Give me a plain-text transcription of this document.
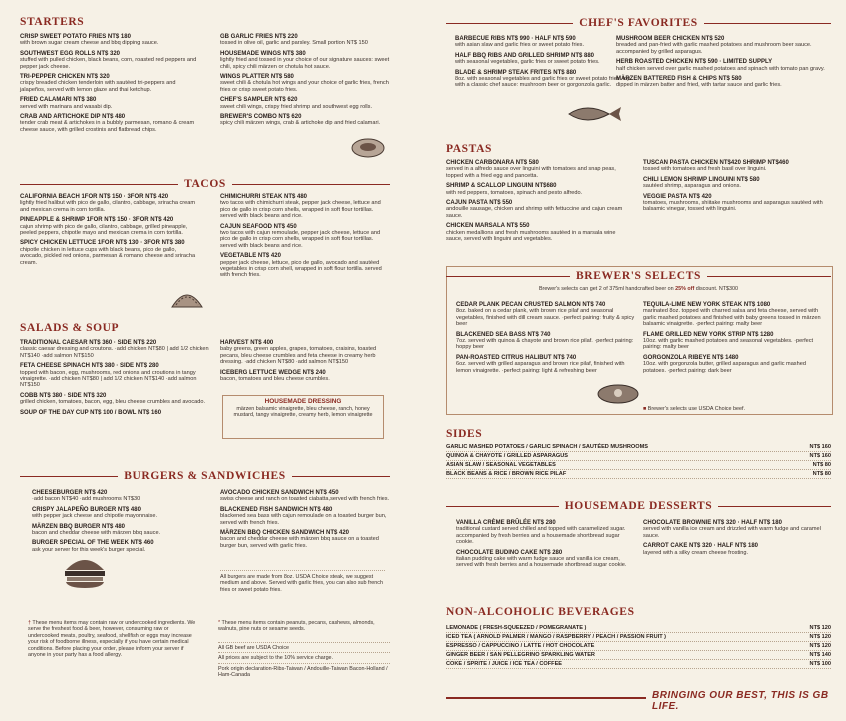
STARTERS
CRISP SWEET POTATO FRIES NT$ 180
with brown sugar cream cheese and bbq dipping sauce.
SOUTHWEST EGG ROLLS NT$ 320
stuffed with pulled chicken, black beans, corn, roasted red peppers and pepper jack cheese.
TRI-PEPPER CHICKEN NT$ 320
crispy breaded chicken tenderloin with sautéed tri-peppers and jalapeños, served with lemon glaze and thai ketchup.
FRIED CALAMARI NT$ 380
served with marinara and wasabi dip.
CRAB AND ARTICHOKE DIP NT$ 480
tender crab meat & artichokes in a bubbly parmesan, romano & cream cheese sauce, with grilled crostinis and flatbread chips.
GB GARLIC FRIES NT$ 220
tossed in olive oil, garlic and parsley. Small portion NT$ 150
HOUSEMADE WINGS NT$ 380
lightly fried and tossed in your choice of our signature sauces: sweet chili, spicy chili märzen or chotula hot sauce.
WINGS PLATTER NT$ 580
sweet chili & chotula hot wings and your choice of garlic fries, french fries or crisp sweet potato fries.
CHEF'S SAMPLER NT$ 620
sweet chili wings, crispy fried shrimp and southwest egg rolls.
BREWER'S COMBO NT$ 620
spicy chili märzen wings, crab & artichoke dip and fried calamari.
TACOS
CALIFORNIA BEACH 1FOR NT$ 150 · 3FOR NT$ 420
lightly fried halibut with pico de gallo, cilantro, cabbage, sriracha cream and mexican crema in corn tortilla.
PINEAPPLE & SHRIMP 1FOR NT$ 150 · 3FOR NT$ 420
cajun shrimp with pico de gallo, cilantro, cabbage, grilled pineapple, peeled peppers, chipotle mayo and mexican crema in corn tortilla.
SPICY CHICKEN LETTUCE 1FOR NT$ 130 · 3FOR NT$ 380
chipotle chicken in lettuce cups with black beans, pico de gallo, avocado, pickled red onions, parmesan & romano cheese and sriracha cream.
CHIMICHURRI STEAK NT$ 480
two tacos with chimichurri steak, pepper jack cheese, lettuce and pico de gallo in crisp corn shells, wrapped in soft flour tortillas. served with black beans and rice.
CAJUN SEAFOOD NT$ 450
two tacos with cajun remoulade, pepper jack cheese, lettuce and pico de gallo in crisp corn shells, wrapped in soft flour tortillas. served with black beans and rice.
VEGETABLE NT$ 420
pepper jack cheese, lettuce, pico de gallo, avocado and sautéed vegetables in crisp corn shell, wrapped in soft flour tortilla. served with french fries.
SALADS & SOUP
TRADITIONAL CAESAR NT$ 360 · SIDE NT$ 220
classic caesar dressing and croutons. ·add chicken NT$80 | add 1/2 chicken NT$140 ·add salmon NT$150
FETA CHEESE SPINACH NT$ 380 · SIDE NT$ 280
topped with bacon, egg, mushrooms, red onions and croutions in tangy vinaigrette. ·add chicken NT$80 | add 1/2 chicken NT$140 ·add salmon NT$150
COBB NT$ 380 · SIDE NT$ 320
grilled chicken, tomatoes, bacon, egg, bleu cheese crumbles and avocado.
SOUP OF THE DAY CUP NT$ 100 / BOWL NT$ 160
HARVEST NT$ 400
baby greens, green apples, grapes, tomatoes, craisins, toasted pecans, bleu cheese crumbles and feta cheese in creamy herb dressing. ·add chicken NT$80 ·add salmon NT$150
ICEBERG LETTUCE WEDGE NT$ 240
bacon, tomatoes and bleu cheese crumbles.
HOUSEMADE DRESSING
märzen balsamic vinaigrette, bleu cheese, ranch, honey mustard, tangy vinaigrette, creamy herb, lemon vinaigrette
BURGERS & SANDWICHES
CHEESEBURGER NT$ 420
·add bacon NT$40 ·add mushrooms NT$30
CRISPY JALAPEÑO BURGER NT$ 480
with pepper jack cheese and chipotle mayonnaise.
MÄRZEN BBQ BURGER NT$ 480
bacon and cheddar cheese with märzen bbq sauce.
BURGER SPECIAL OF THE WEEK NT$ 460
ask your server for this week's burger special.
AVOCADO CHICKEN SANDWICH NT$ 450
swiss cheese and ranch on toasted ciabatta,served with french fries.
BLACKENED FISH SANDWICH NT$ 480
blackened sea bass with cajun remoulade on a toasted burger bun, served with french fries.
MÄRZEN BBQ CHICKEN SANDWICH NT$ 420
bacon and cheddar cheese with märzen bbq sauce on a toasted burger bun, served with garlic fries.
All burgers are made from 8oz. USDA Choice steak, we suggest medium and above. Served with garlic fries, you can also sub french fries or sweet potato fries.
† These menu items may contain raw or undercooked ingredients. We serve the freshest food & beer, however, consuming raw or undercooked meats, poultry, seafood, shellfish or eggs may increase your risk of foodborne illness, especially if you have certain medical conditions. Before placing your order, please inform your server if anyone in your party has a food allergy.
* These menu items contain peanuts, pecans, cashews, almonds, walnuts, pine nuts or sesame seeds.
All GB beef are USDA Choice
All prices are subject to the 10% service charge.
Pork origin declaration-Ribs-Taiwan / Andouille-Taiwan Bacon-Holland / Ham-Canada
CHEF'S FAVORITES
BARBECUE RIBS NT$ 990 · HALF NT$ 590
with asian slaw and garlic fries or sweet potato fries.
HALF BBQ RIBS AND GRILLED SHRIMP NT$ 880
with seasonal vegetables, garlic fries or sweet potato fries.
BLADE & SHRIMP STEAK FRITES NT$ 880
8oz. with seasonal vegetables and garlic fries or sweet potato fries. top with a classic chef sauce: mushroom beer or gorgonzola garlic.
MUSHROOM BEER CHICKEN NT$ 520
breaded and pan-fried with garlic mashed potatoes and mushroom beer sauce. accompanied by grilled asparagus.
HERB ROASTED CHICKEN NT$ 590 · LIMITED SUPPLY
half chicken served over garlic mashed potatoes and spinach with tomato pan gravy.
MÄRZEN BATTERED FISH & CHIPS NT$ 580
dipped in märzen batter and fried, with tartar sauce and garlic fries.
PASTAS
CHICKEN CARBONARA NT$ 580
served in a alfredo sauce over linguini with tomatoes and snap peas, topped with a fried egg and pancetta.
SHRIMP & SCALLOP LINGUINI NT$680
with red peppers, tomatoes, spinach and pesto alfredo.
CAJUN PASTA NT$ 550
andouille sausage, chicken and shrimp with fettuccine and cajun cream sauce.
CHICKEN MARSALA NT$ 550
chicken medallions and fresh mushrooms sautéed in a marsala wine sauce, served with linguini and vegetables.
TUSCAN PASTA CHICKEN NT$420 SHRIMP NT$460
tossed with tomatoes and fresh basil over linguini.
CHILI LEMON SHRIMP LINGUINI NT$ 580
sautéed shrimp, asparagus and onions.
VEGGIE PASTA NT$ 420
tomatoes, mushrooms, shiitake mushrooms and asparagus sautéed with balsamic vinegar, tossed with linguini.
BREWER'S SELECTS
Brewer's selects can get 2 of 375ml handcrafted beer on 25% off discount. NT$300
CEDAR PLANK PECAN CRUSTED SALMON NT$ 740
8oz. baked on a cedar plank, with brown rice pilaf and seasonal vegetables, finished with dill cream sauce. ·perfect pairing: fruity & spicy beer
BLACKENED SEA BASS NT$ 740
7oz. served with quinoa & chayote and brown rice pilaf. ·perfect pairing: hoppy beer
PAN-ROASTED CITRUS HALIBUT NT$ 740
6oz. served with grilled asparagus and brown rice pilaf, finished with lemon vinaigrette. ·perfect pairing: light & refreshing beer
TEQUILA-LIME NEW YORK STEAK NT$ 1080
marinated 8oz. topped with charred salsa and feta cheese, served with garlic mashed potatoes and finished with baby greens tossed in märzen balsamic vinaigrette. ·perfect pairing: malty beer
FLAME GRILLED NEW YORK STRIP NT$ 1280
10oz. with garlic mashed potatoes and seasonal vegetables. ·perfect pairing: malty beer
GORGONZOLA RIBEYE NT$ 1480
10oz. with gorgonzola butter, grilled asparagus and garlic mashed potatoes. ·perfect pairing: dark beer
■ Brewer's selects use USDA Choice beef.
SIDES
GARLIC MASHED POTATOES / GARLIC SPINACH / SAUTÉED MUSHROOMS	NT$ 160
QUINOA & CHAYOTE / GRILLED ASPARAGUS	NT$ 160
ASIAN SLAW / SEASONAL VEGETABLES	NT$ 80
BLACK BEANS & RICE / BROWN RICE PILAF	NT$ 80
HOUSEMADE DESSERTS
VANILLA CRÈME BRÛLÉE NT$ 280
traditional custard served chilled and topped with caramelized sugar. accompanied by fresh berries and a housemade shortbread sugar cookie.
CHOCOLATE BUDINO CAKE NT$ 280
italian pudding cake with warm fudge sauce and vanilla ice cream, served with fresh berries and a housemade shortbread sugar cookie.
CHOCOLATE BROWNIE NT$ 320 · HALF NT$ 180
served with vanilla ice cream and drizzled with warm fudge and caramel sauce.
CARROT CAKE NT$ 320 · HALF NT$ 180
layered with a silky cream cheese frosting.
NON-ALCOHOLIC BEVERAGES
LEMONADE ( FRESH-SQUEEZED / POMEGRANATE )	NT$ 120
ICED TEA ( ARNOLD PALMER / MANGO / RASPBERRY / PEACH / PASSION FRUIT )	NT$ 120
ESPRESSO / CAPPUCCINO / LATTE / HOT CHOCOLATE	NT$ 120
GINGER BEER / SAN PELLEGRINO SPARKLING WATER	NT$ 140
COKE / SPRITE / JUICE / ICE TEA / COFFEE	NT$ 100
BRINGING OUR BEST, THIS IS GB LIFE.
